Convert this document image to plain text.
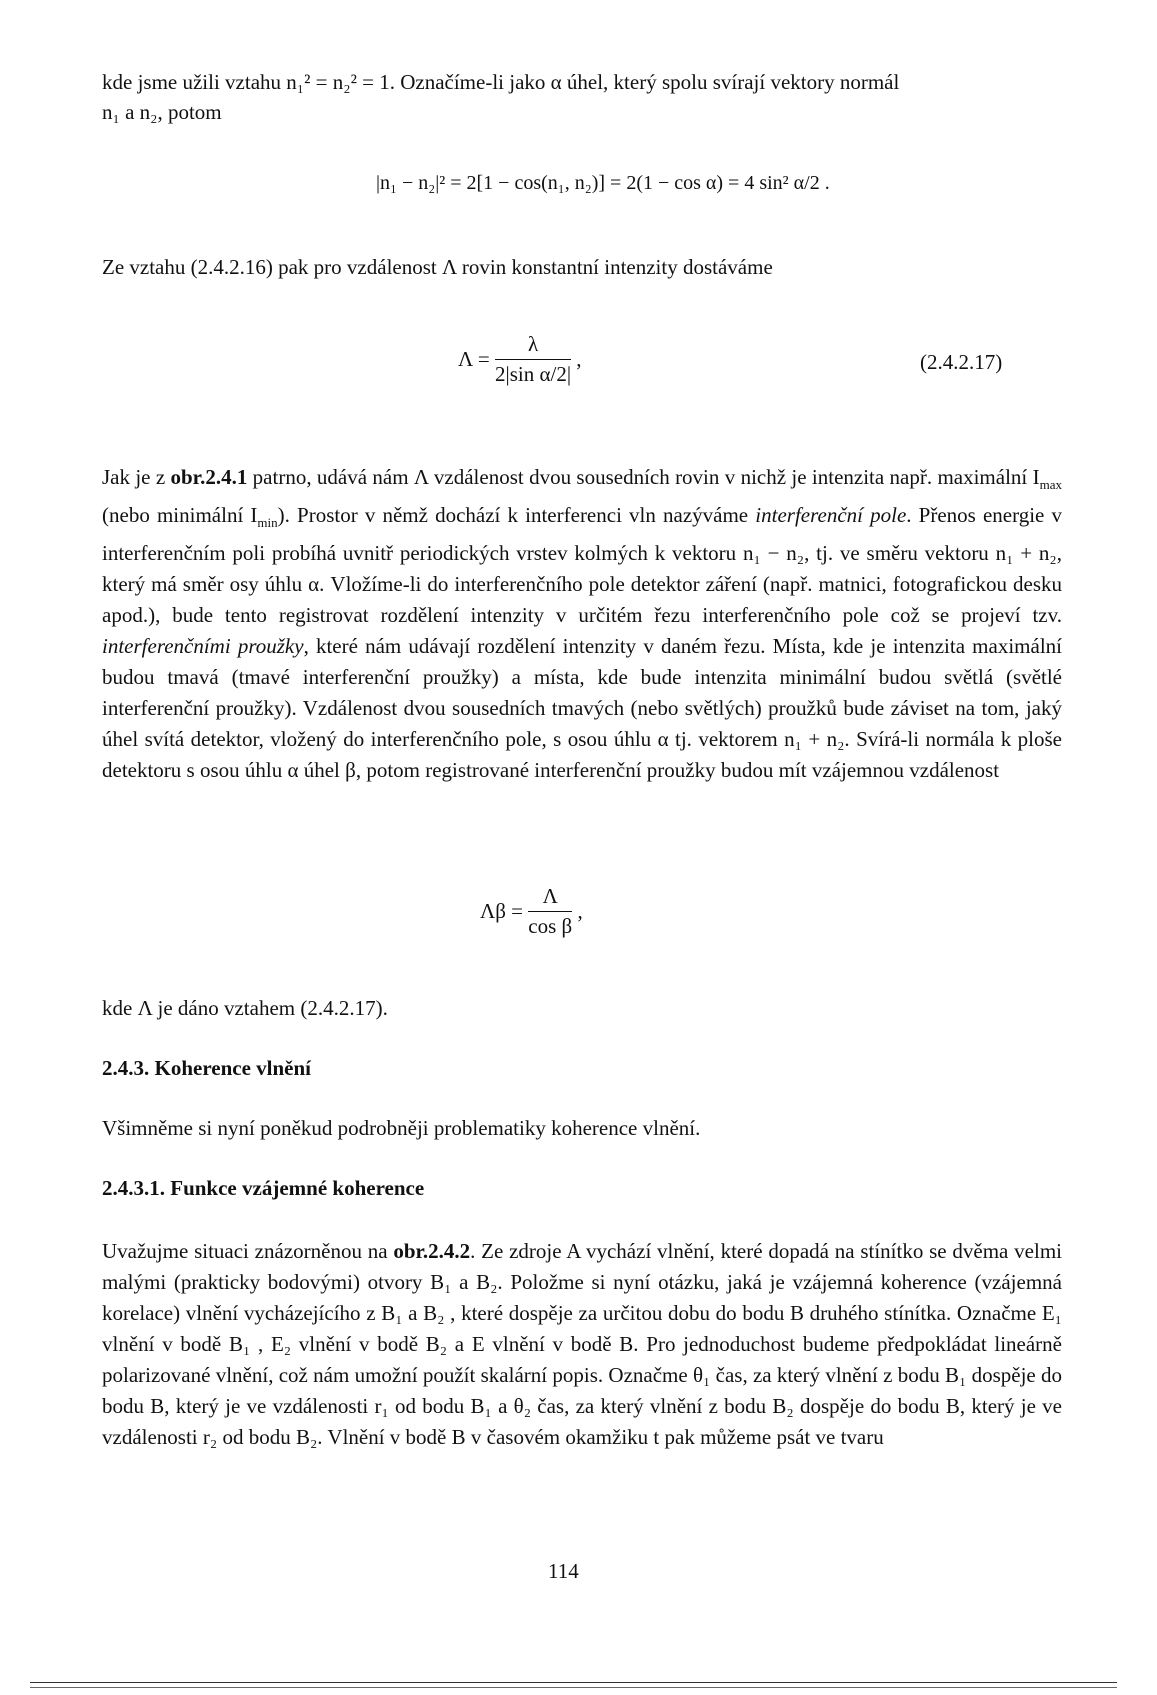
kde jsme užili vztahu n₁² = n₂² = 1. Označíme-li jako α úhel, který spolu svírají vektory normál
n₁ a n₂, potom
|n₁ − n₂|² = 2[1 − cos(n₁, n₂)] = 2(1 − cos α) = 4 sin² α/2 .
Ze vztahu (2.4.2.16) pak pro vzdálenost Λ rovin konstantní intenzity dostáváme
$\Lambda = \frac{\lambda}{\text{2|sin α/2|}}$ ,	(2.4.2.17)
Jak je z obr.2.4.1 patrno, udává nám Λ vzdálenost dvou sousedních rovin v nichž je intenzita např. maximální $I_{max}$ (nebo minimální $I_{min}$). Prostor v němž dochází k interferenci vln nazýváme interferenční pole. Přenos energie v interferenčním poli probíhá uvnitř periodických vrstev kolmých k vektoru n₁ − n₂, tj. ve směru vektoru n₁ + n₂, který má směr osy úhlu α. Vložíme-li do interferenčního pole detektor záření (např. matnici, fotografickou desku apod.), bude tento registrovat rozdělení intenzity v určitém řezu interferenčního pole což se projeví tzv. interferenčními proužky, které nám udávají rozdělení intenzity v daném řezu. Místa, kde je intenzita maximální budou tmavá (tmavé interferenční proužky) a místa, kde bude intenzita minimální budou světlá (světlé interferenční proužky). Vzdálenost dvou sousedních tmavých (nebo světlých) proužků bude záviset na tom, jaký úhel svítá detektor, vložený do interferenčního pole, s osou úhlu α tj. vektorem n₁ + n₂. Svírá-li normála k ploše detektoru s osou úhlu α úhel β, potom registrované interferenční proužky budou mít vzájemnou vzdálenost
$\Lambda\beta = \frac{\Lambda}{\text{cos β}}$ ,
kde Λ je dáno vztahem (2.4.2.17).
2.4.3. Koherence vlnění
Všimněme si nyní poněkud podrobněji problematiky koherence vlnění.
2.4.3.1. Funkce vzájemné koherence
Uvažujme situaci znázorněnou na obr.2.4.2. Ze zdroje A vychází vlnění, které dopadá na stínítko se dvěma velmi malými (prakticky bodovými) otvory B₁ a B₂. Položme si nyní otázku, jaká je vzájemná koherence (vzájemná korelace) vlnění vycházejícího z B₁ a B₂ , které dospěje za určitou dobu do bodu B druhého stínítka. Označme E₁ vlnění v bodě B₁ , E₂ vlnění v bodě B₂ a E vlnění v bodě B. Pro jednoduchost budeme předpokládat lineárně polarizované vlnění, což nám umožní použít skalární popis. Označme θ₁ čas, za který vlnění z bodu B₁ dospěje do bodu B, který je ve vzdálenosti r₁ od bodu B₁ a θ₂ čas, za který vlnění z bodu B₂ dospěje do bodu B, který je ve vzdálenosti r₂ od bodu B₂. Vlnění v bodě B v časovém okamžiku t pak můžeme psát ve tvaru
114
